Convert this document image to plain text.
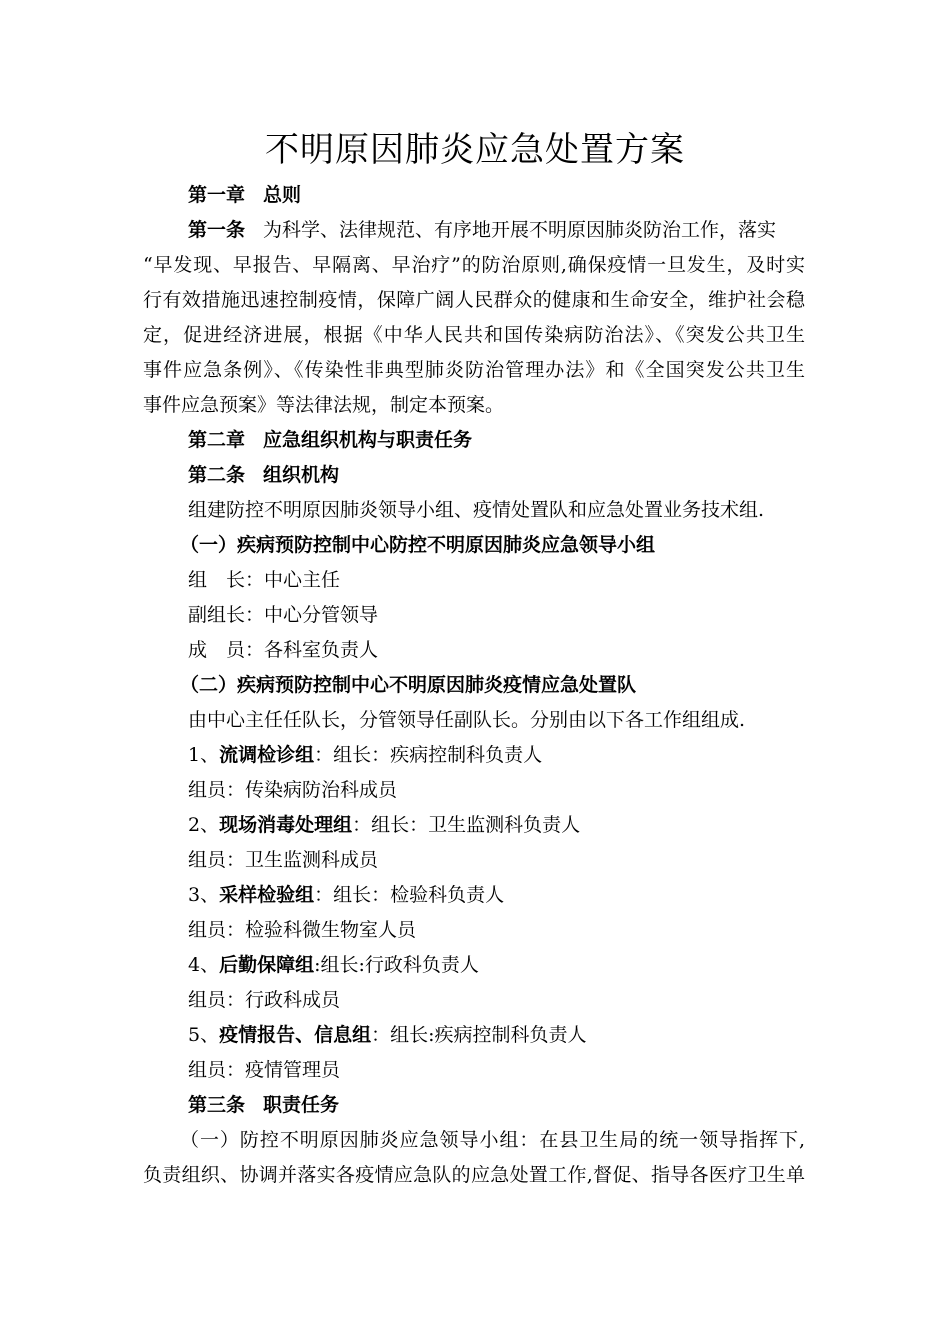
不明原因肺炎应急处置方案
第一章 总则
第一条 为科学、法律规范、有序地开展不明原因肺炎防治工作，落实
“早发现、早报告、早隔离、早治疗”的防治原则,确保疫情一旦发生，及时实
行有效措施迅速控制疫情，保障广阔人民群众的健康和生命安全，维护社会稳
定，促进经济进展，根据《中华人民共和国传染病防治法》、《突发公共卫生
事件应急条例》、《传染性非典型肺炎防治管理办法》和《全国突发公共卫生
事件应急预案》等法律法规，制定本预案。
第二章 应急组织机构与职责任务
第二条 组织机构
组建防控不明原因肺炎领导小组、疫情处置队和应急处置业务技术组.
（一）疾病预防控制中心防控不明原因肺炎应急领导小组
组　长：中心主任
副组长：中心分管领导
成　员：各科室负责人
（二）疾病预防控制中心不明原因肺炎疫情应急处置队
由中心主任任队长，分管领导任副队长。分别由以下各工作组组成.
1、流调检诊组：组长：疾病控制科负责人
组员：传染病防治科成员
2、现场消毒处理组：组长：卫生监测科负责人
组员：卫生监测科成员
3、采样检验组：组长：检验科负责人
组员：检验科微生物室人员
4、后勤保障组:组长:行政科负责人
组员：行政科成员
5、疫情报告、信息组：组长:疾病控制科负责人
组员：疫情管理员
第三条 职责任务
（一）防控不明原因肺炎应急领导小组：在县卫生局的统一领导指挥下,
负责组织、协调并落实各疫情应急队的应急处置工作,督促、指导各医疗卫生单
